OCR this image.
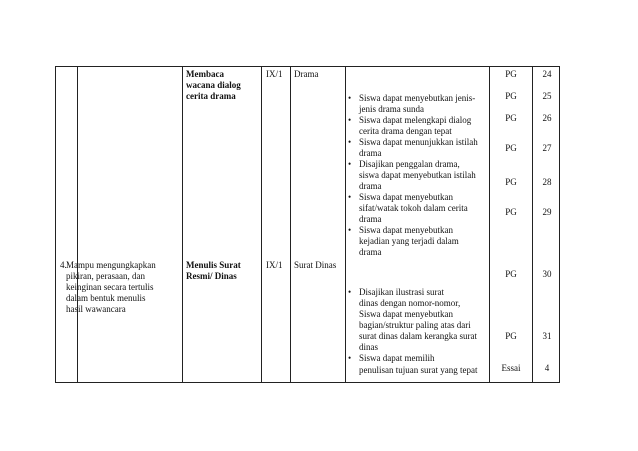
4. Mampu mengungkapkan
pikiran, perasaan, dan
keinginan secara tertulis
dalam bentuk menulis
hasil wawancara
Membaca
wacana dialog
cerita drama
IX/1 Drama
Menulis Surat
Resmi/ Dinas
IX/1 Surat Dinas
• Siswa dapat menyebutkan jenis-
jenis drama sunda
• Siswa dapat melengkapi dialog
cerita drama dengan tepat
• Siswa dapat menunjukkan istilah
drama
• Disajikan penggalan drama,
siswa dapat menyebutkan istilah
drama
• Siswa dapat menyebutkan
sifat/watak tokoh dalam cerita
drama
• Siswa dapat menyebutkan
kejadian yang terjadi dalam
drama
• Disajikan ilustrasi surat
dinas dengan nomor-nomor,
Siswa dapat menyebutkan
bagian/struktur paling atas dari
surat dinas dalam kerangka surat
dinas
• Siswa dapat memilih
penulisan tujuan surat yang tepat
PG
PG
PG
PG
PG
PG
PG
PG
Essai
24
25
26
27
28
29
30
31
4
